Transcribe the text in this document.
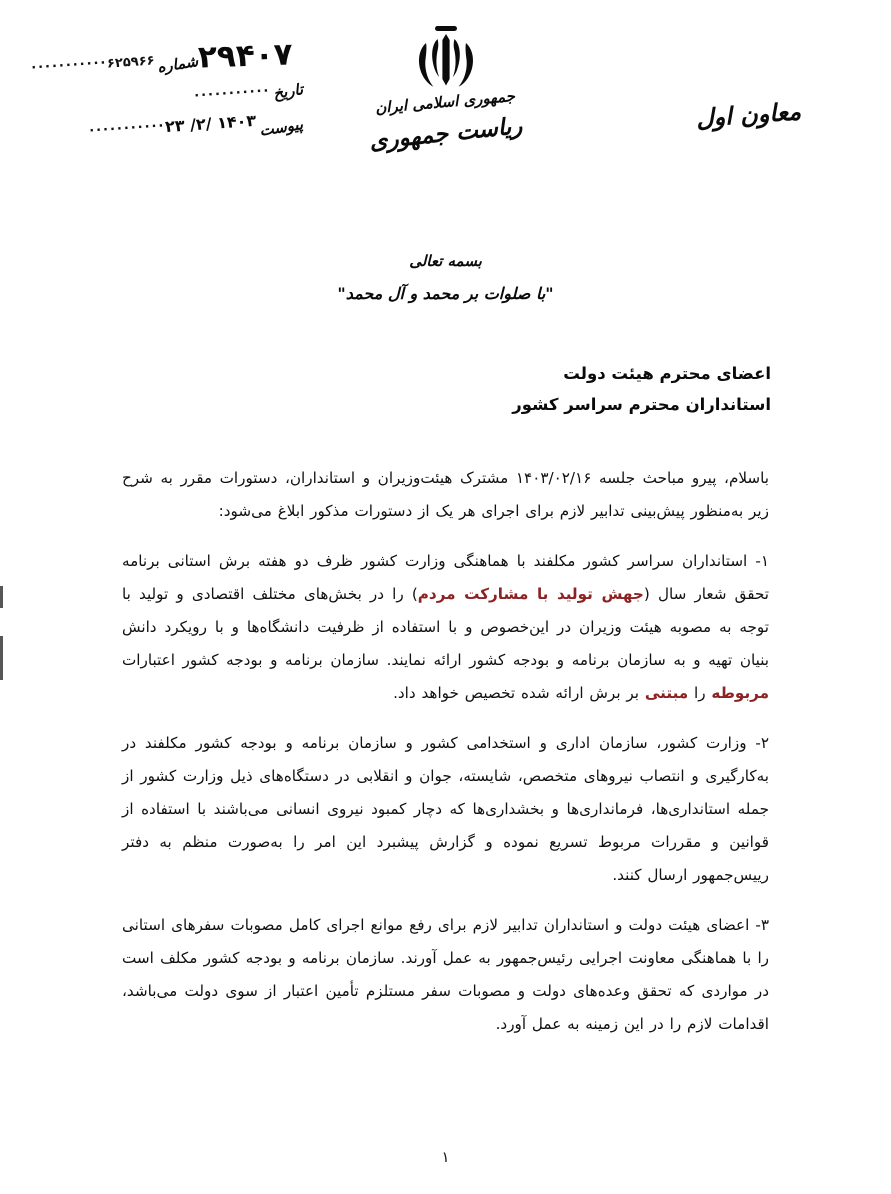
۲۹۴۰۷
شماره
۶۲۵۹۶۶
...........
تاریخ
...........
پیوست
۱۴۰۳ /۲/ ۲۳
...........
جمهوری اسلامی ایران
ریاست جمهوری	معاون اول
بسمه تعالی
"با صلوات بر محمد و آل محمد"
اعضای محترم هیئت دولت
استانداران محترم سراسر کشور

باسلام، پیرو مباحث جلسه ۱۴۰۳/۰۲/۱۶ مشترک هیئت‌وزیران و استانداران، دستورات مقرر به شرح زیر به‌منظور پیش‌بینی تدابیر لازم برای اجرای هر یک از دستورات مذکور ابلاغ می‌شود:

۱- استانداران سراسر کشور مکلفند با هماهنگی وزارت کشور ظرف دو هفته برش استانی برنامه تحقق شعار سال (جهش تولید با مشارکت مردم) را در بخش‌های مختلف اقتصادی و تولید با توجه به مصوبه هیئت وزیران در این‌خصوص و با استفاده از ظرفیت دانشگاه‌ها و با رویکرد دانش بنیان تهیه و به سازمان برنامه و بودجه کشور ارائه نمایند. سازمان برنامه و بودجه کشور اعتبارات مربوطه را مبتنی بر برش ارائه شده تخصیص خواهد داد.

۲- وزارت کشور، سازمان اداری و استخدامی کشور و سازمان برنامه و بودجه کشور مکلفند در به‌کارگیری و انتصاب نیروهای متخصص، شایسته، جوان و انقلابی در دستگاه‌های ذیل وزارت کشور از جمله استانداری‌ها، فرمانداری‌ها و بخشداری‌ها که دچار کمبود نیروی انسانی می‌باشند با استفاده از قوانین و مقررات مربوط تسریع نموده و گزارش پیشبرد این امر را به‌صورت منظم به دفتر رییس‌جمهور ارسال کنند.

۳- اعضای هیئت دولت و استانداران تدابیر لازم برای رفع موانع اجرای کامل مصوبات سفرهای استانی را با هماهنگی معاونت اجرایی رئیس‌جمهور به عمل آورند. سازمان برنامه و بودجه کشور مکلف است در مواردی که تحقق وعده‌های دولت و مصوبات سفر مستلزم تأمین اعتبار از سوی دولت می‌باشد، اقدامات لازم را در این زمینه به عمل آورد.

۱
